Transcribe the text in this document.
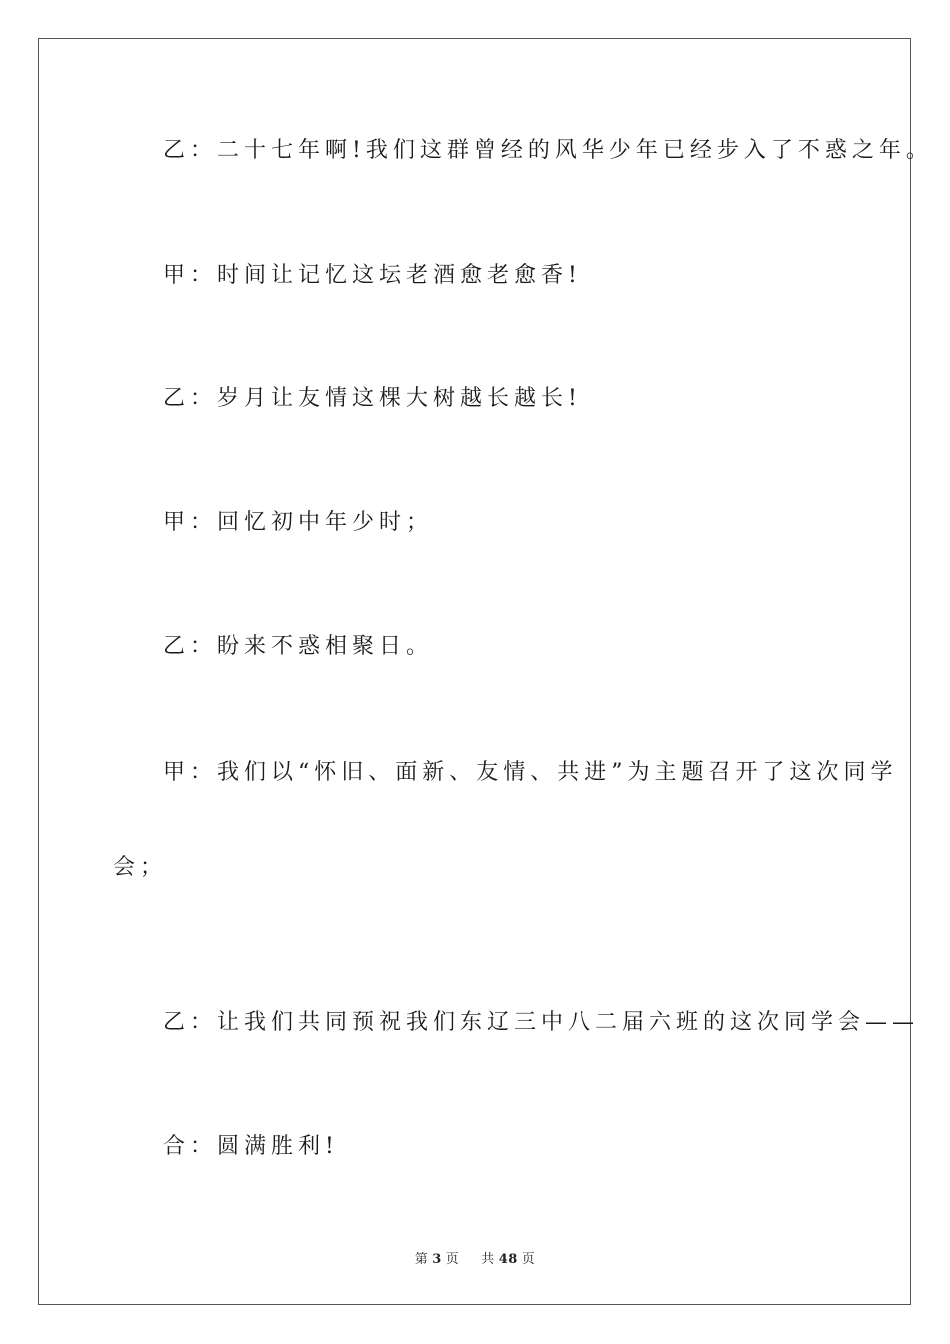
乙：二十七年啊!我们这群曾经的风华少年已经步入了不惑之年。
甲：时间让记忆这坛老酒愈老愈香!
乙：岁月让友情这棵大树越长越长!
甲：回忆初中年少时；
乙：盼来不惑相聚日。
甲：我们以“怀旧、面新、友情、共进”为主题召开了这次同学
会；
乙：让我们共同预祝我们东辽三中八二届六班的这次同学会——
合：圆满胜利!
第 3 页 共 48 页
